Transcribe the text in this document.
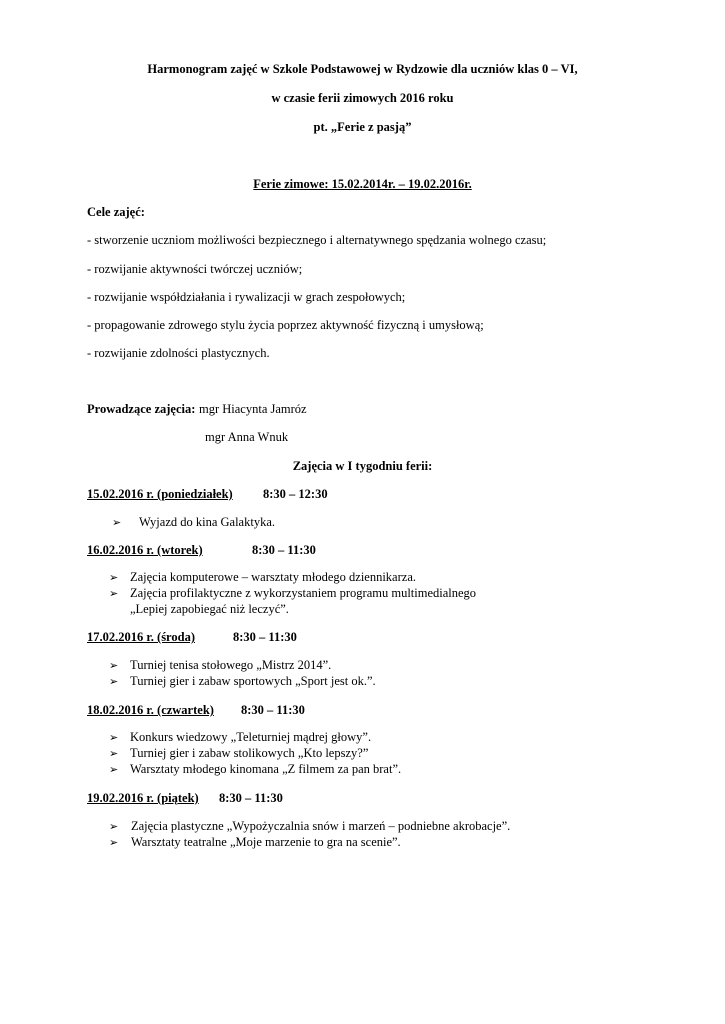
Harmonogram zajęć w Szkole Podstawowej w Rydzowie dla uczniów klas 0 – VI,
w czasie ferii zimowych 2016 roku
pt. „Ferie z pasją”
Ferie zimowe: 15.02.2014r. – 19.02.2016r.
Cele zajęć:
- stworzenie uczniom możliwości bezpiecznego i alternatywnego spędzania wolnego czasu;
- rozwijanie aktywności twórczej uczniów;
- rozwijanie współdziałania i rywalizacji w grach zespołowych;
- propagowanie zdrowego stylu życia poprzez aktywność fizyczną i umysłową;
- rozwijanie zdolności plastycznych.
Prowadzące zajęcia: mgr Hiacynta Jamróz
mgr Anna Wnuk
Zajęcia w I tygodniu ferii:
15.02.2016 r. (poniedziałek) 8:30 – 12:30
➢ Wyjazd do kina Galaktyka.
16.02.2016 r. (wtorek)	8:30 – 11:30
➢ Zajęcia komputerowe – warsztaty młodego dziennikarza.
➢ Zajęcia profilaktyczne z wykorzystaniem programu multimedialnego
„Lepiej zapobiegać niż leczyć”.
17.02.2016 r. (środa)	8:30 – 11:30
➢ Turniej tenisa stołowego „Mistrz 2014”.
➢ Turniej gier i zabaw sportowych „Sport jest ok.”.
18.02.2016 r. (czwartek) 8:30 – 11:30
➢ Konkurs wiedzowy „Teleturniej mądrej głowy”.
➢ Turniej gier i zabaw stolikowych „Kto lepszy?”
➢ Warsztaty młodego kinomana „Z filmem za pan brat”.
19.02.2016 r. (piątek) 8:30 – 11:30
➢ Zajęcia plastyczne „Wypożyczalnia snów i marzeń – podniebne akrobacje”.
➢ Warsztaty teatralne „Moje marzenie to gra na scenie”.
